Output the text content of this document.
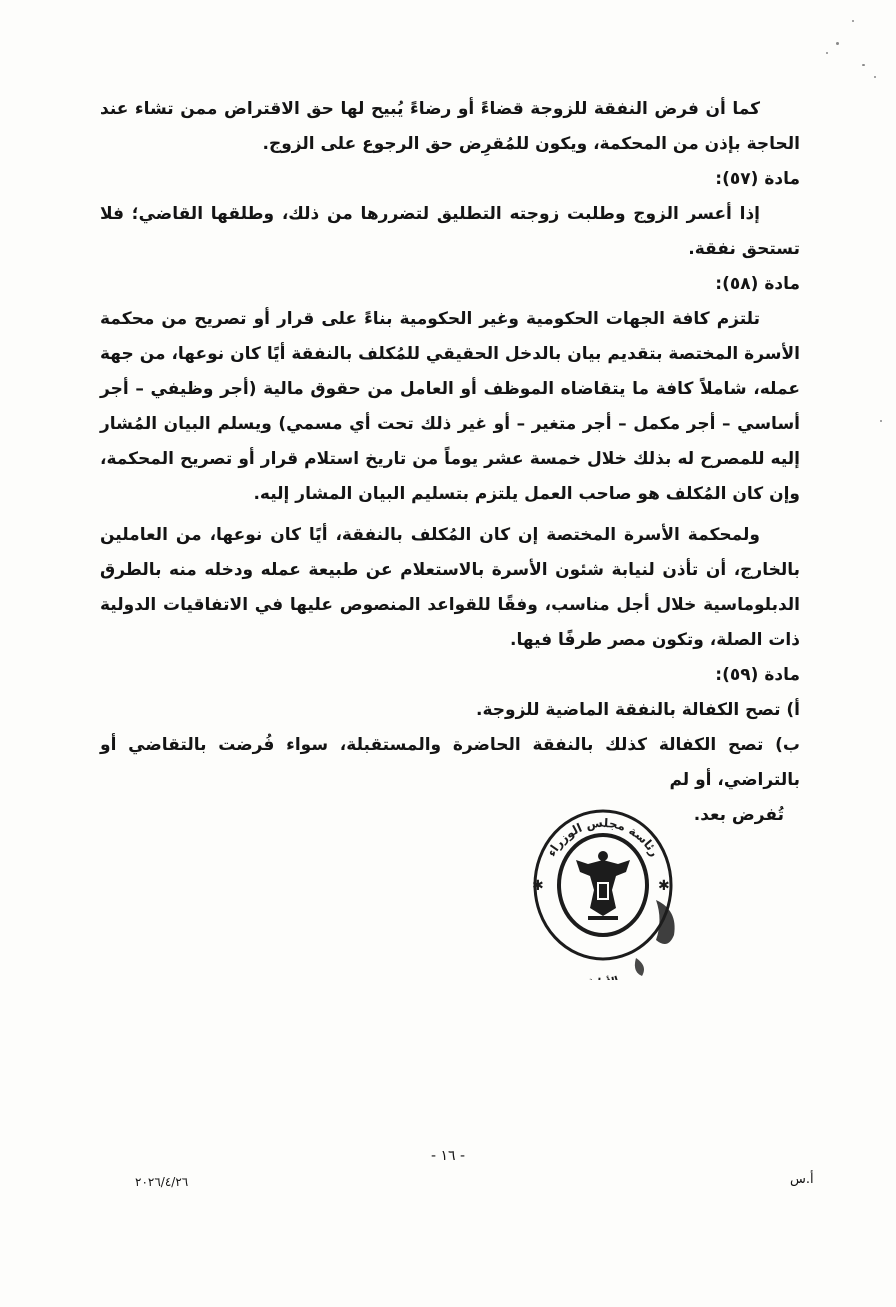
كما أن فرض النفقة للزوجة قضاءً أو رضاءً يُبيح لها حق الاقتراض ممن تشاء عند الحاجة بإذن من المحكمة، ويكون للمُقرِض حق الرجوع على الزوج.

مادة (٥٧):

إذا أعسر الزوج وطلبت زوجته التطليق لتضررها من ذلك، وطلقها القاضي؛ فلا تستحق نفقة.

مادة (٥٨):

تلتزم كافة الجهات الحكومية وغير الحكومية بناءً على قرار أو تصريح من محكمة الأسرة المختصة بتقديم بيان بالدخل الحقيقي للمُكلف بالنفقة أيًا كان نوعها، من جهة عمله، شاملاً كافة ما يتقاضاه الموظف أو العامل من حقوق مالية (أجر وظيفي – أجر أساسي – أجر مكمل – أجر متغير – أو غير ذلك تحت أي مسمي) ويسلم البيان المُشار إليه للمصرح له بذلك خلال خمسة عشر يوماً من تاريخ استلام قرار أو تصريح المحكمة، وإن كان المُكلف هو صاحب العمل يلتزم بتسليم البيان المشار إليه.

ولمحكمة الأسرة المختصة إن كان المُكلف بالنفقة، أيًا كان نوعها، من العاملين بالخارج، أن تأذن لنيابة شئون الأسرة بالاستعلام عن طبيعة عمله ودخله منه بالطرق الدبلوماسية خلال أجل مناسب، وفقًا للقواعد المنصوص عليها في الاتفاقيات الدولية ذات الصلة، وتكون مصر طرفًا فيها.

مادة (٥٩):

أ) تصح الكفالة بالنفقة الماضية للزوجة.

ب) تصح الكفالة كذلك بالنفقة الحاضرة والمستقبلة، سواء فُرضت بالتقاضي أو بالتراضي، أو لم

تُفرض بعد.

رئاسة مجلس الوزراء
✱	✱
- ١٦ -
٢٠٢٦/٤/٢٦	أ.س
